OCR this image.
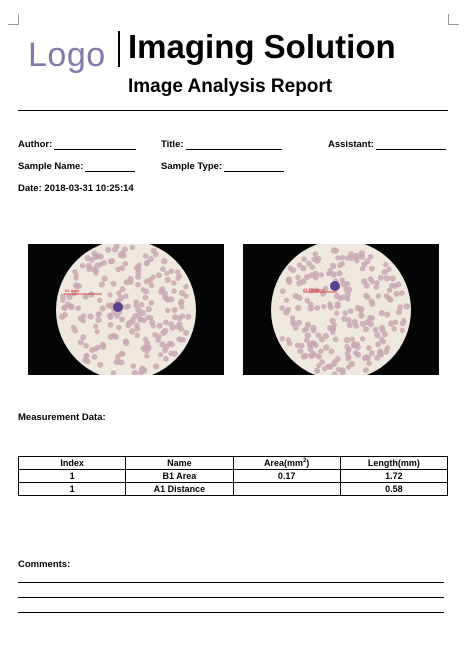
Logo Imaging Solution
Image Analysis Report
Author:	Title:	Assistant:
Sample Name:	Sample Type:
Date: 2018-03-31 10:25:14
B1 Area	A1 Distance
Measurement Data:
Index	Name	$Area(mm^2)$	Length(mm)
1	B1 Area	0.17	1.72
1	A1 Distance		0.58
Comments:
